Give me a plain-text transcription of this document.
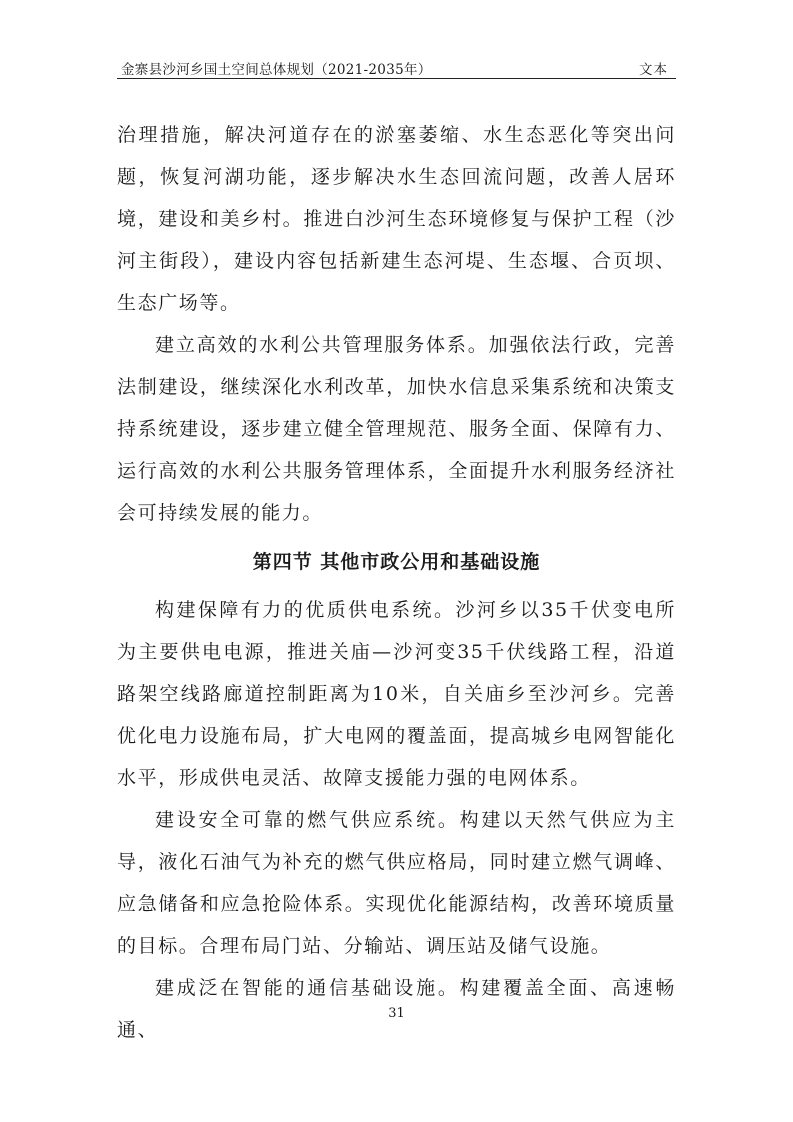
金寨县沙河乡国土空间总体规划（2021-2035年）	文本

治理措施，解决河道存在的淤塞萎缩、水生态恶化等突出问题，恢复河湖功能，逐步解决水生态回流问题，改善人居环境，建设和美乡村。推进白沙河生态环境修复与保护工程（沙河主街段），建设内容包括新建生态河堤、生态堰、合页坝、生态广场等。

建立高效的水利公共管理服务体系。加强依法行政，完善法制建设，继续深化水利改革，加快水信息采集系统和决策支持系统建设，逐步建立健全管理规范、服务全面、保障有力、运行高效的水利公共服务管理体系，全面提升水利服务经济社会可持续发展的能力。

第四节 其他市政公用和基础设施

构建保障有力的优质供电系统。沙河乡以35千伏变电所为主要供电电源，推进关庙—沙河变35千伏线路工程，沿道路架空线路廊道控制距离为10米，自关庙乡至沙河乡。完善优化电力设施布局，扩大电网的覆盖面，提高城乡电网智能化水平，形成供电灵活、故障支援能力强的电网体系。

建设安全可靠的燃气供应系统。构建以天然气供应为主导，液化石油气为补充的燃气供应格局，同时建立燃气调峰、应急储备和应急抢险体系。实现优化能源结构，改善环境质量的目标。合理布局门站、分输站、调压站及储气设施。

建成泛在智能的通信基础设施。构建覆盖全面、高速畅通、

31
